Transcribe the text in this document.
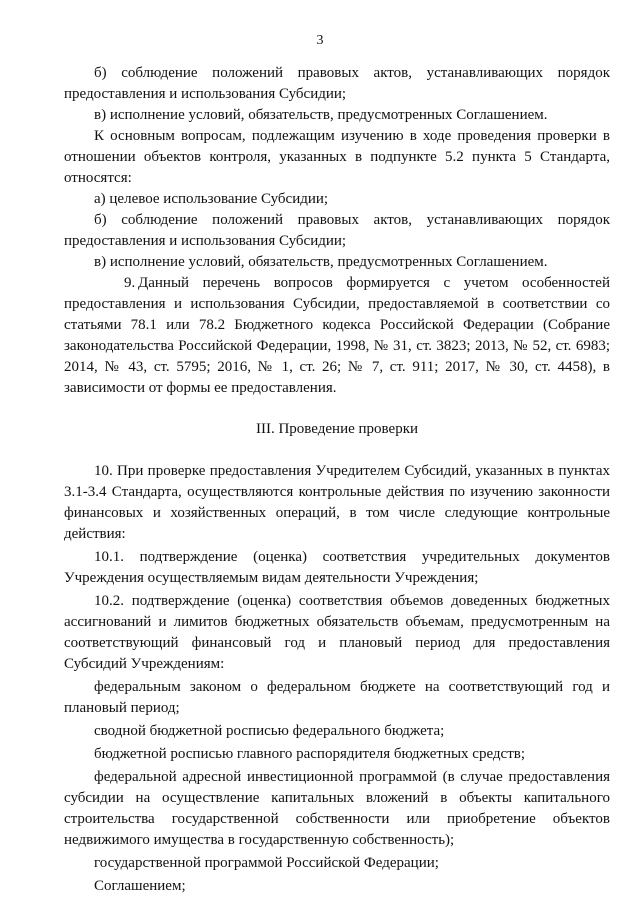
3

б) соблюдение положений правовых актов, устанавливающих порядок предоставления и использования Субсидии;

в) исполнение условий, обязательств, предусмотренных Соглашением.

К основным вопросам, подлежащим изучению в ходе проведения проверки в отношении объектов контроля, указанных в подпункте 5.2 пункта 5 Стандарта, относятся:

а) целевое использование Субсидии;

б) соблюдение положений правовых актов, устанавливающих порядок предоставления и использования Субсидии;

в) исполнение условий, обязательств, предусмотренных Соглашением.

9. Данный перечень вопросов формируется с учетом особенностей предоставления и использования Субсидии, предоставляемой в соответствии со статьями 78.1 или 78.2 Бюджетного кодекса Российской Федерации (Собрание законодательства Российской Федерации, 1998, № 31, ст. 3823; 2013, № 52, ст. 6983; 2014, № 43, ст. 5795; 2016, № 1, ст. 26; № 7, ст. 911; 2017, № 30, ст. 4458), в зависимости от формы ее предоставления.

III. Проведение проверки

10. При проверке предоставления Учредителем Субсидий, указанных в пунктах 3.1-3.4 Стандарта, осуществляются контрольные действия по изучению законности финансовых и хозяйственных операций, в том числе следующие контрольные действия:

10.1. подтверждение (оценка) соответствия учредительных документов Учреждения осуществляемым видам деятельности Учреждения;

10.2. подтверждение (оценка) соответствия объемов доведенных бюджетных ассигнований и лимитов бюджетных обязательств объемам, предусмотренным на соответствующий финансовый год и плановый период для предоставления Субсидий Учреждениям:

федеральным законом о федеральном бюджете на соответствующий год и плановый период;

сводной бюджетной росписью федерального бюджета;

бюджетной росписью главного распорядителя бюджетных средств;

федеральной адресной инвестиционной программой (в случае предоставления субсидии на осуществление капитальных вложений в объекты капитального строительства государственной собственности или приобретение объектов недвижимого имущества в государственную собственность);

государственной программой Российской Федерации;

Соглашением;
